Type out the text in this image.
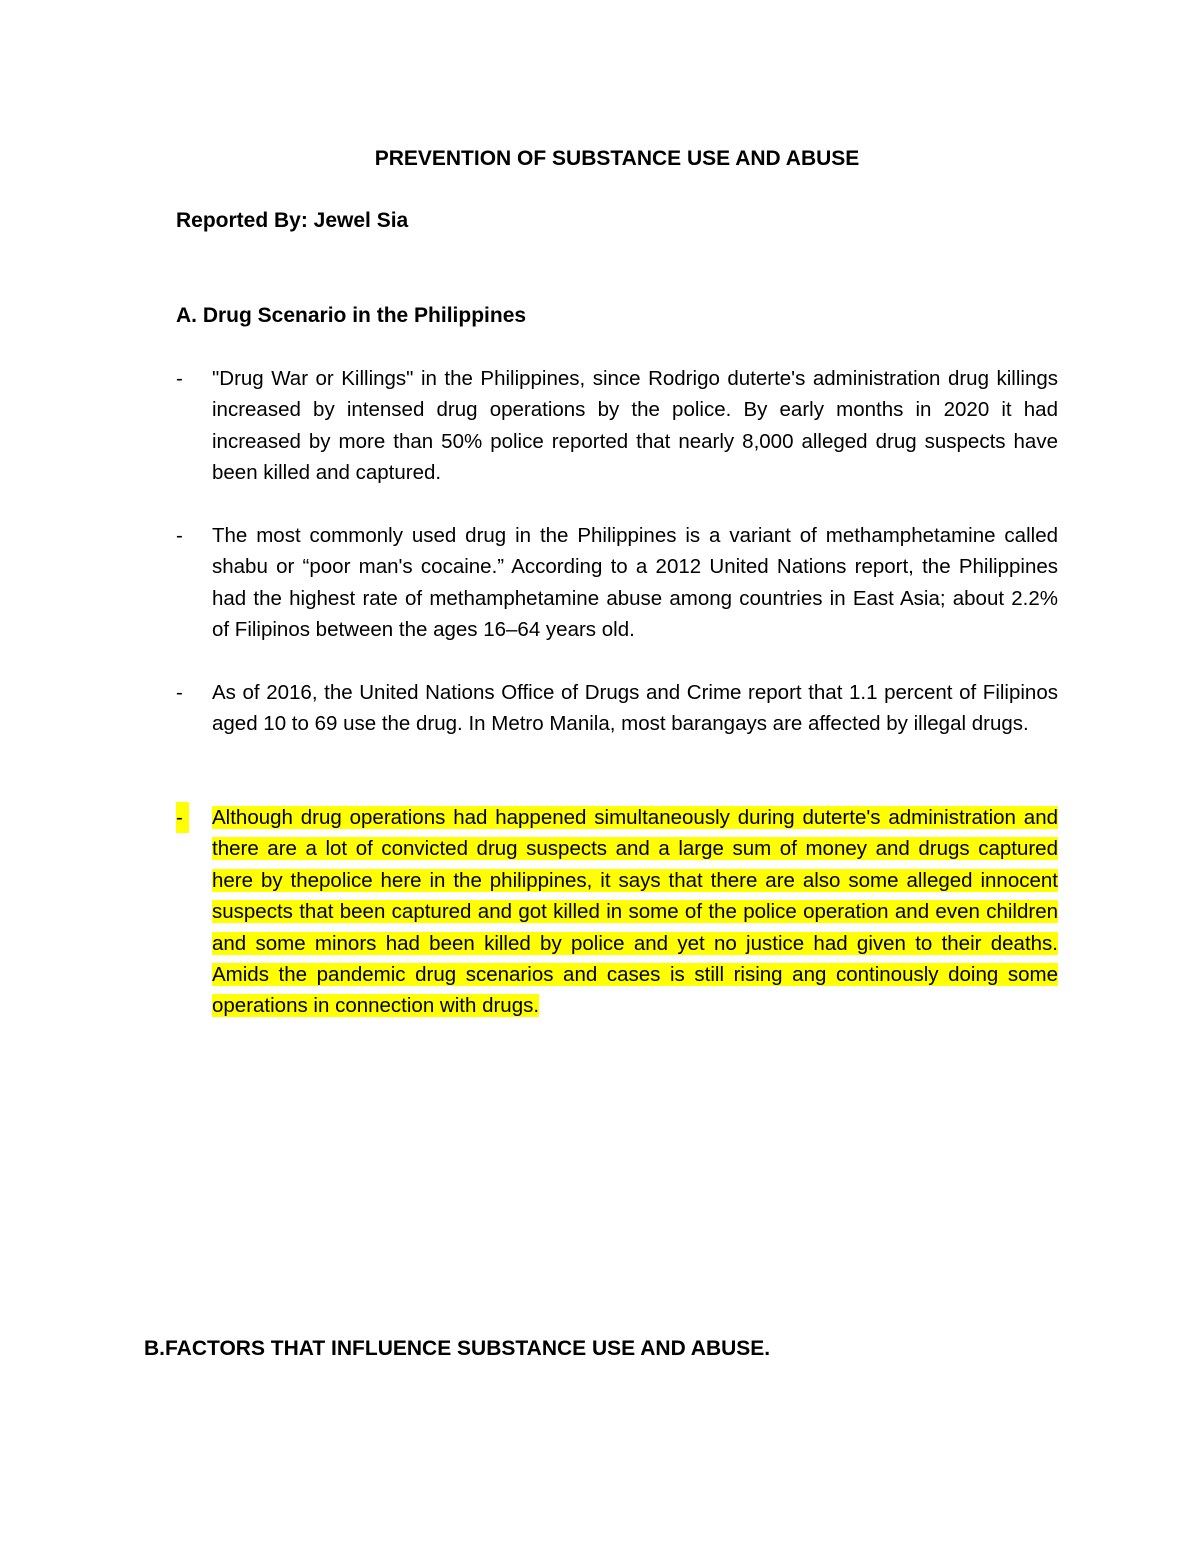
PREVENTION OF SUBSTANCE USE AND ABUSE
Reported By: Jewel Sia
A. Drug Scenario in the Philippines
- "Drug War or Killings" in the Philippines, since Rodrigo duterte's administration drug killings increased by intensed drug operations by the police. By early months in 2020 it had increased by more than 50% police reported that nearly 8,000 alleged drug suspects have been killed and captured.
- The most commonly used drug in the Philippines is a variant of methamphetamine called shabu or “poor man's cocaine.” According to a 2012 United Nations report, the Philippines had the highest rate of methamphetamine abuse among countries in East Asia; about 2.2% of Filipinos between the ages 16–64 years old.
- As of 2016, the United Nations Office of Drugs and Crime report that 1.1 percent of Filipinos aged 10 to 69 use the drug. In Metro Manila, most barangays are affected by illegal drugs.
- Although drug operations had happened simultaneously during duterte's administration and there are a lot of convicted drug suspects and a large sum of money and drugs captured here by thepolice here in the philippines, it says that there are also some alleged innocent suspects that been captured and got killed in some of the police operation and even children and some minors had been killed by police and yet no justice had given to their deaths. Amids the pandemic drug scenarios and cases is still rising ang continously doing some operations in connection with drugs.
B.FACTORS THAT INFLUENCE SUBSTANCE USE AND ABUSE.
